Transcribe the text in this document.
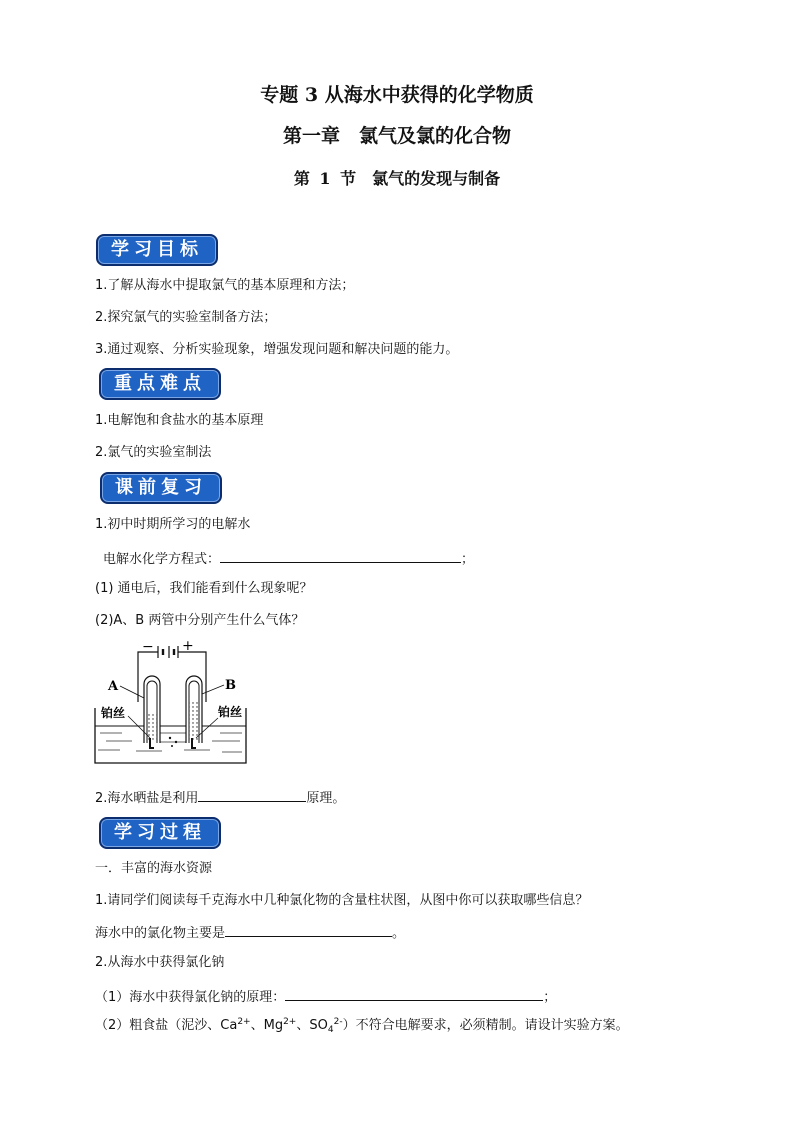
专题 3 从海水中获得的化学物质
第一章　氯气及氯的化合物
第 1 节　氯气的发现与制备
学习目标
1.了解从海水中提取氯气的基本原理和方法；
2.探究氯气的实验室制备方法；
3.通过观察、分析实验现象，增强发现问题和解决问题的能力。
重点难点
1.电解饱和食盐水的基本原理
2.氯气的实验室制法
课前复习
1.初中时期所学习的电解水
电解水化学方程式：	；
(1) 通电后，我们能看到什么现象呢？
(2)A、B 两管中分别产生什么气体？
− +
A	B
铂丝	铂丝
2.海水晒盐是利用	原理。
学习过程
一．丰富的海水资源
1.请同学们阅读每千克海水中几种氯化物的含量柱状图，从图中你可以获取哪些信息？
海水中的氯化物主要是	。
2.从海水中获得氯化钠
（1）海水中获得氯化钠的原理：	；
（2）粗食盐（泥沙、$Ca^{2+}$、$Mg^{2+}$、$SO_4^{2-}$）不符合电解要求，必须精制。请设计实验方案。
